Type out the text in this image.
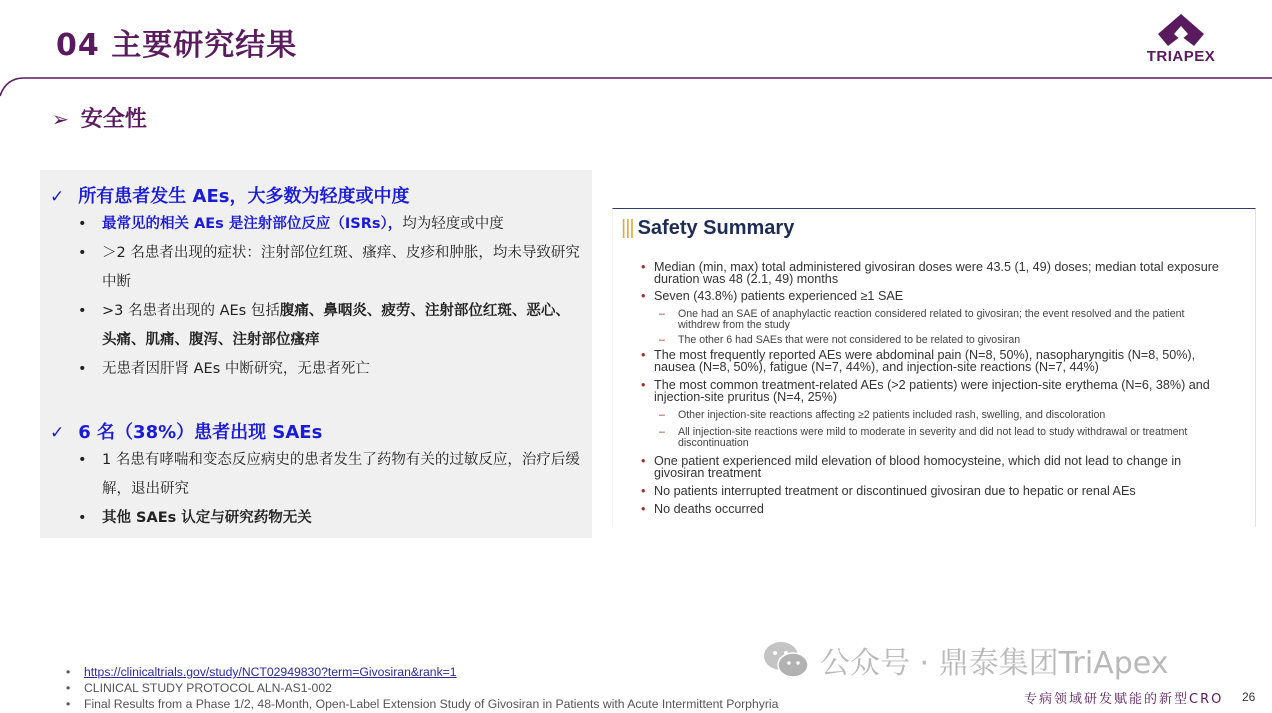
04 主要研究结果	TRIAPEX
➢ 安全性
✓ 所有患者发生 AEs，大多数为轻度或中度
• 最常见的相关 AEs 是注射部位反应（ISRs），均为轻度或中度
• ＞2 名患者出现的症状：注射部位红斑、瘙痒、皮疹和肿胀，均未导致研究中断
• >3 名患者出现的 AEs 包括腹痛、鼻咽炎、疲劳、注射部位红斑、恶心、头痛、肌痛、腹泻、注射部位瘙痒
• 无患者因肝肾 AEs 中断研究，无患者死亡
✓ 6 名（38%）患者出现 SAEs
• 1 名患有哮喘和变态反应病史的患者发生了药物有关的过敏反应，治疗后缓解，退出研究
• 其他 SAEs 认定与研究药物无关
||| Safety Summary
• Median (min, max) total administered givosiran doses were 43.5 (1, 49) doses; median total exposure duration was 48 (2.1, 49) months
• Seven (43.8%) patients experienced ≥1 SAE
– One had an SAE of anaphylactic reaction considered related to givosiran; the event resolved and the patient withdrew from the study
– The other 6 had SAEs that were not considered to be related to givosiran
• The most frequently reported AEs were abdominal pain (N=8, 50%), nasopharyngitis (N=8, 50%), nausea (N=8, 50%), fatigue (N=7, 44%), and injection-site reactions (N=7, 44%)
• The most common treatment-related AEs (>2 patients) were injection-site erythema (N=6, 38%) and injection-site pruritus (N=4, 25%)
– Other injection-site reactions affecting ≥2 patients included rash, swelling, and discoloration
– All injection-site reactions were mild to moderate in severity and did not lead to study withdrawal or treatment discontinuation
• One patient experienced mild elevation of blood homocysteine, which did not lead to change in givosiran treatment
• No patients interrupted treatment or discontinued givosiran due to hepatic or renal AEs
• No deaths occurred
• https://clinicaltrials.gov/study/NCT02949830?term=Givosiran&rank=1
• CLINICAL STUDY PROTOCOL ALN-AS1-002
• Final Results from a Phase 1/2, 48-Month, Open-Label Extension Study of Givosiran in Patients with Acute Intermittent Porphyria
公众号 · 鼎泰集团TriApex
专病领域研发赋能的新型CRO 26
